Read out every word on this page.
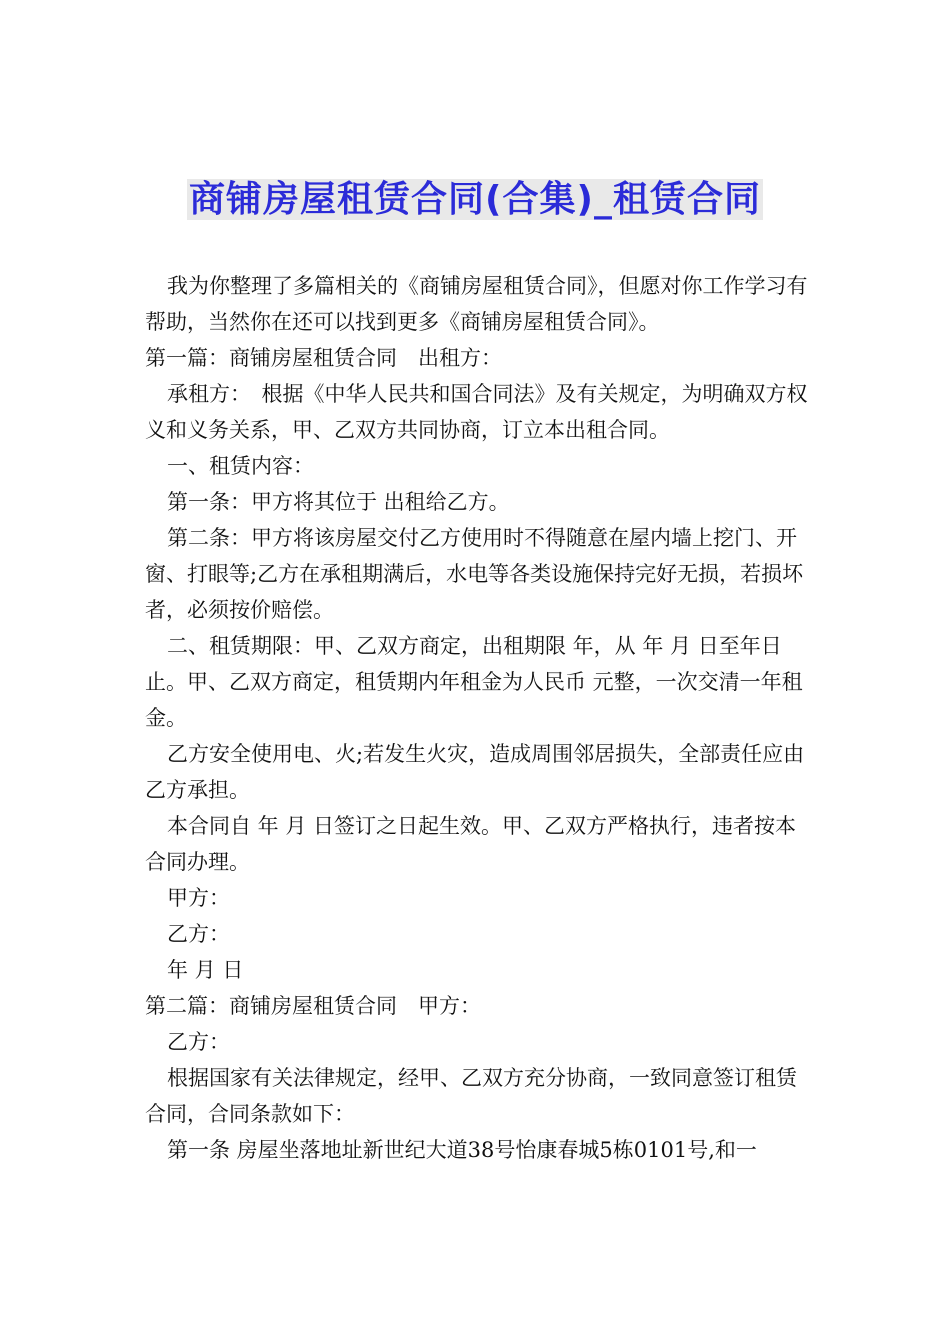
商铺房屋租赁合同(合集)_租赁合同

我为你整理了多篇相关的《商铺房屋租赁合同》，但愿对你工作学习有帮助，当然你在还可以找到更多《商铺房屋租赁合同》。

第一篇：商铺房屋租赁合同　出租方：

承租方：　根据《中华人民共和国合同法》及有关规定，为明确双方权义和义务关系，甲、乙双方共同协商，订立本出租合同。

一、租赁内容：

第一条：甲方将其位于 出租给乙方。

第二条：甲方将该房屋交付乙方使用时不得随意在屋内墙上挖门、开窗、打眼等;乙方在承租期满后，水电等各类设施保持完好无损，若损坏者，必须按价赔偿。

二、租赁期限：甲、乙双方商定，出租期限 年，从 年 月 日至年日止。甲、乙双方商定，租赁期内年租金为人民币 元整，一次交清一年租金。

乙方安全使用电、火;若发生火灾，造成周围邻居损失，全部责任应由乙方承担。

本合同自 年 月 日签订之日起生效。甲、乙双方严格执行，违者按本合同办理。

甲方：

乙方：

年 月 日

第二篇：商铺房屋租赁合同　甲方：

乙方：

根据国家有关法律规定，经甲、乙双方充分协商，一致同意签订租赁合同，合同条款如下：

第一条 房屋坐落地址新世纪大道38号怡康春城5栋0101号,和一
